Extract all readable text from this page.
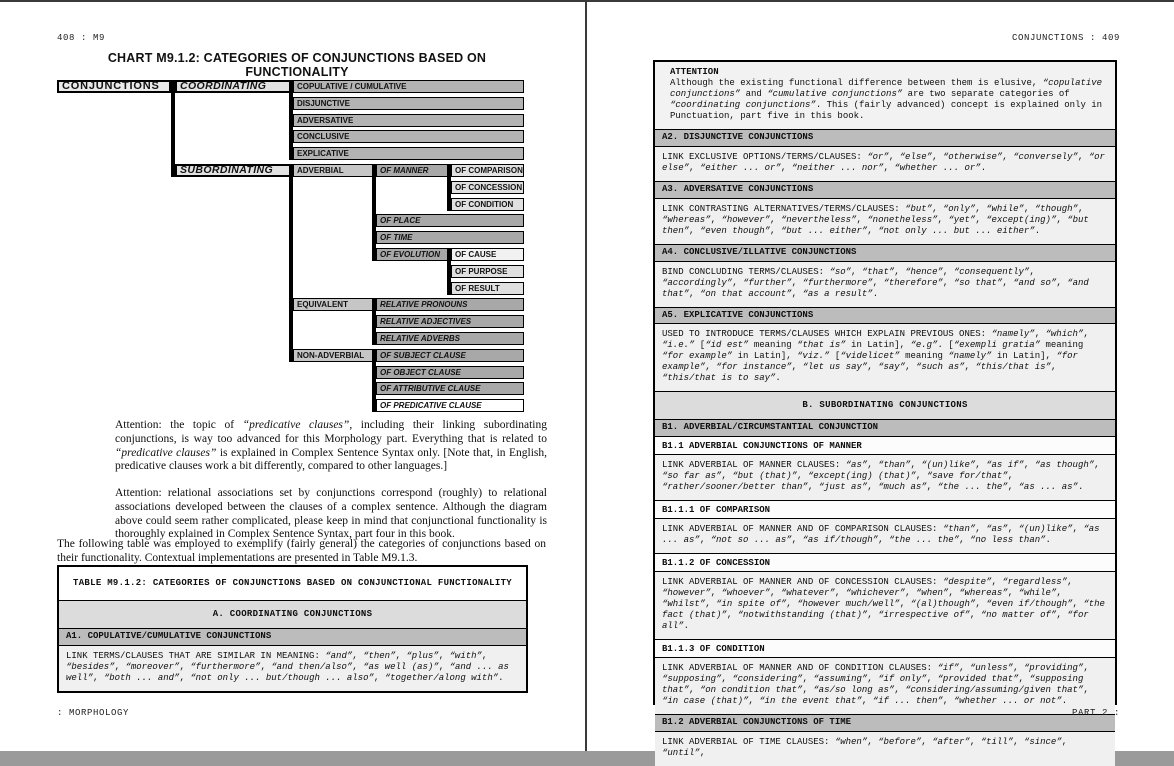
408 : M9
CHART M9.1.2: CATEGORIES OF CONJUNCTIONS BASED ON FUNCTIONALITY
CONJUNCTIONS	COORDINATING	COPULATIVE / CUMULATIVE
DISJUNCTIVE
ADVERSATIVE
CONCLUSIVE
EXPLICATIVE
SUBORDINATING	ADVERBIAL	OF MANNER	OF COMPARISON
OF CONCESSION
OF CONDITION
OF PLACE
OF TIME
OF EVOLUTION	OF CAUSE
OF PURPOSE
OF RESULT
EQUIVALENT	RELATIVE PRONOUNS
RELATIVE ADJECTIVES
RELATIVE ADVERBS
NON-ADVERBIAL	OF SUBJECT CLAUSE
OF OBJECT CLAUSE
OF ATTRIBUTIVE CLAUSE
OF PREDICATIVE CLAUSE
Attention: the topic of “predicative clauses”, including their linking subordinating conjunctions, is way too advanced for this Morphology part. Everything that is related to “predicative clauses” is explained in Complex Sentence Syntax only. [Note that, in English, predicative clauses work a bit differently, compared to other languages.]
Attention: relational associations set by conjunctions correspond (roughly) to relational associations developed between the clauses of a complex sentence. Although the diagram above could seem rather complicated, please keep in mind that conjunctional functionality is thoroughly explained in Complex Sentence Syntax, part four in this book.
The following table was employed to exemplify (fairly general) the categories of conjunctions based on their functionality. Contextual implementations are presented in Table M9.1.3.
TABLE M9.1.2: CATEGORIES OF CONJUNCTIONS BASED ON CONJUNCTIONAL FUNCTIONALITY
A. COORDINATING CONJUNCTIONS
A1. COPULATIVE/CUMULATIVE CONJUNCTIONS
LINK TERMS/CLAUSES THAT ARE SIMILAR IN MEANING: “and”, “then”, “plus”, “with”, “besides”, “moreover”, “furthermore”, “and then/also”, “as well (as)”, “and ... as well”, “both ... and”, “not only ... but/though ... also”, “together/along with”.
: MORPHOLOGY
CONJUNCTIONS : 409
ATTENTION
Although the existing functional difference between them is elusive, “copulative conjunctions” and “cumulative conjunctions” are two separate categories of “coordinating conjunctions”. This (fairly advanced) concept is explained only in Punctuation, part five in this book.
A2. DISJUNCTIVE CONJUNCTIONS
LINK EXCLUSIVE OPTIONS/TERMS/CLAUSES: “or”, “else”, “otherwise”, “conversely”, “or else”, “either ... or”, “neither ... nor”, “whether ... or”.
A3. ADVERSATIVE CONJUNCTIONS
LINK CONTRASTING ALTERNATIVES/TERMS/CLAUSES: “but”, “only”, “while”, “though”, “whereas”, “however”, “nevertheless”, “nonetheless”, “yet”, “except(ing)”, “but then”, “even though”, “but ... either”, “not only ... but ... either”.
A4. CONCLUSIVE/ILLATIVE CONJUNCTIONS
BIND CONCLUDING TERMS/CLAUSES: “so”, “that”, “hence”, “consequently”, “accordingly”, “further”, “furthermore”, “therefore”, “so that”, “and so”, “and that”, “on that account”, “as a result”.
A5. EXPLICATIVE CONJUNCTIONS
USED TO INTRODUCE TERMS/CLAUSES WHICH EXPLAIN PREVIOUS ONES: “namely”, “which”, “i.e.” [“id est” meaning “that is” in Latin], “e.g”. [“exempli gratia” meaning “for example” in Latin], “viz.” [“videlicet” meaning “namely” in Latin], “for example”, “for instance”, “let us say”, “say”, “such as”, “this/that is”, “this/that is to say”.
B. SUBORDINATING CONJUNCTIONS
B1. ADVERBIAL/CIRCUMSTANTIAL CONJUNCTION
B1.1 ADVERBIAL CONJUNCTIONS OF MANNER
LINK ADVERBIAL OF MANNER CLAUSES: “as”, “than”, “(un)like”, “as if”, “as though”, “so far as”, “but (that)”, “except(ing) (that)”, “save for/that”, “rather/sooner/better than”, “just as”, “much as”, “the ... the”, “as ... as”.
B1.1.1 OF COMPARISON
LINK ADVERBIAL OF MANNER AND OF COMPARISON CLAUSES: “than”, “as”, “(un)like”, “as ... as”, “not so ... as”, “as if/though”, “the ... the”, “no less than”.
B1.1.2 OF CONCESSION
LINK ADVERBIAL OF MANNER AND OF CONCESSION CLAUSES: “despite”, “regardless”, “however”, “whoever”, “whatever”, “whichever”, “when”, “whereas”, “while”, “whilst”, “in spite of”, “however much/well”, “(al)though”, “even if/though”, “the fact (that)”, “notwithstanding (that)”, “irrespective of”, “no matter of”, “for all”.
B1.1.3 OF CONDITION
LINK ADVERBIAL OF MANNER AND OF CONDITION CLAUSES: “if”, “unless”, “providing”, “supposing”, “considering”, “assuming”, “if only”, “provided that”, “supposing that”, “on condition that”, “as/so long as”, “considering/assuming/given that”, “in case (that)”, “in the event that”, “if ... then”, “whether ... or not”.
B1.2 ADVERBIAL CONJUNCTIONS OF TIME
LINK ADVERBIAL OF TIME CLAUSES: “when”, “before”, “after”, “till”, “since”, “until”,
PART 2 :
